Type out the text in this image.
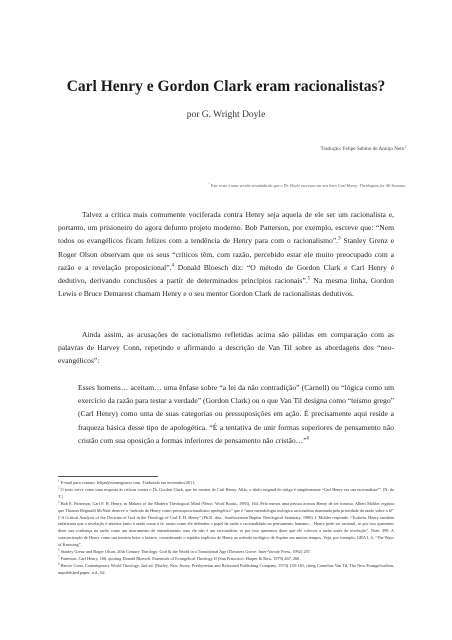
Carl Henry e Gordon Clark eram racionalistas?
por G. Wright Doyle
Tradução: Felipe Sabino de Araújo Neto$^1$
* Este texto é uma versão resumida do que o Dr. Doyle escreveu em seu livro Carl Henry: Theologian for All Seasons.
Talvez a crítica mais comumente vociferada contra Henry seja aquela de ele ser um racionalista e, portanto, um prisioneiro do agora defunto projeto moderno. Bob Patterson, por exemplo, escreve que: “Nem todos os evangélicos ficam felizes com a tendência de Henry para com o racionalismo”.$^3$ Stanley Grenz e Roger Olson observam que os seus “críticos têm, com razão, percebido estar ele muito preocupado com a razão e a revelação proposicional”.$^4$ Donald Bloesch diz: “O método de Gordon Clark e Carl Henry é dedutivo, derivando conclusões a partir de determinados princípios racionais”.$^5$ Na mesma linha, Gordon Lewis e Bruce Demarest chamam Henry e o seu mentor Gordon Clark de racionalistas dedutivos.
Ainda assim, as acusações de racionalismo refletidas acima são pálidas em comparação com as palavras de Harvey Conn, repetindo e afirmando a descrição de Van Til sobre as abordagens dos “neo-evangélicos”:
Esses homens… aceitam… uma ênfase sobre “a lei da não contradição” (Carnell) ou “lógica como um exercício da razão para testar a verdade” (Gordon Clark) ou o que Van Til designa como “teísmo grego” (Carl Henry) como uma de suas categorias ou pressuposições em ação. É precisamente aqui reside a fraqueza básica desse tipo de apologética. “É a tentativa de unir formas superiores de pensamento não cristão com sua oposição a formas inferiores de pensamento não cristão…”$^6$
$^1$ E-mail para contato: felipe@monergismo.com. Traduzido em novembro/2011.
$^2$ O texto serve como uma resposta às críticas contra o Dr. Gordon Clark, que foi mentor de Carl Henry. Aliás, o título original do artigo é simplesmente “Carl Henry era um racionalista?”. [N. do T.]
$^3$ Bob E. Patterson, Carl F. H. Henry, in Makers of the Modern Theological Mind (Waco: Word Books, 1983), 164. Pelo menos uma pessoa acusou Henry de ser tomista. Albert Mohler registra que Thomas Reginald McNeal deserve o “método de Henry como pressuposicionalismo apologético” que é “uma metodologia teológica racionalista dominada pela prioridade da razão sobre a fé” (“A Critical Analysis of the Doctrine of God in the Theology of Carl F. H. Henry” (Ph.D. diss., Southwestern Baptist Theological Seminary, 1986) 1. Mohler responde, “Todavia, Henry também enfatizaria que a revelação é anterior tanto à razão como à fé, assim como ele defendeu o papel da razão e racionalidade no pensamento humano… Henry pode ser racional, se por isso queremos dizer sua confiança na razão como um instrumento de entendimento; mas ele não é um racionalista, se por isso queremos dizer que ele colocou a razão antes da revelação”. Note, 399. A caracterização de Henry como um tomista beira o bizarro, considerando o repúdio explícito de Henry ao método teológico de Aquino em muitos tempos. Veja, por exemplo, GRA I, 4, “The Ways of Knowing”.
$^4$ Stanley Grenz and Roger Olson, 20th Century Theology: God & the World in a Transitional Age (Downers Grove: Inter-Varsity Press, 1992) 297.
$^5$ Patterson, Carl Henry, 166, quoting Donald Bloesch, Essentials of Evangelical Theology II (San Francisco: Harper & Row, 1979) 267, 268 .
$^6$ Harvie Conn, Contemporary World Theology, 2nd ed. (Nutley, New Jersey, Presbyterian and Reformed Publishing Company, 1974) 139-140, citing Cornelius Van Til, The New Evangelicalism, unpublished paper, n.d., 62.
